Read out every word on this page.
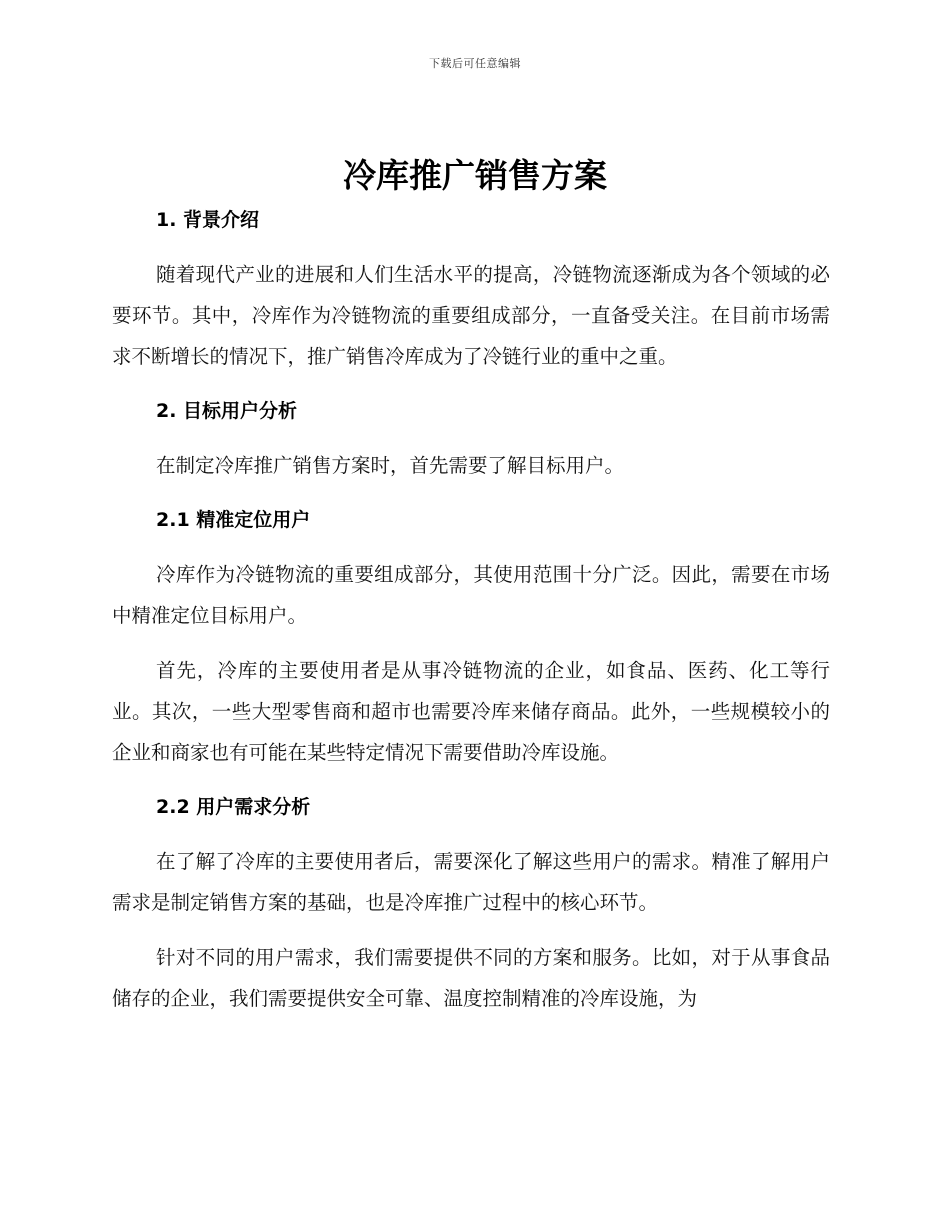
下载后可任意编辑
冷库推广销售方案
1. 背景介绍

随着现代产业的进展和人们生活水平的提高，冷链物流逐渐成为各个领域的必要环节。其中，冷库作为冷链物流的重要组成部分，一直备受关注。在目前市场需求不断增长的情况下，推广销售冷库成为了冷链行业的重中之重。

2. 目标用户分析

在制定冷库推广销售方案时，首先需要了解目标用户。

2.1 精准定位用户

冷库作为冷链物流的重要组成部分，其使用范围十分广泛。因此，需要在市场中精准定位目标用户。

首先，冷库的主要使用者是从事冷链物流的企业，如食品、医药、化工等行业。其次，一些大型零售商和超市也需要冷库来储存商品。此外，一些规模较小的企业和商家也有可能在某些特定情况下需要借助冷库设施。

2.2 用户需求分析

在了解了冷库的主要使用者后，需要深化了解这些用户的需求。精准了解用户需求是制定销售方案的基础，也是冷库推广过程中的核心环节。

针对不同的用户需求，我们需要提供不同的方案和服务。比如，对于从事食品储存的企业，我们需要提供安全可靠、温度控制精准的冷库设施，为
